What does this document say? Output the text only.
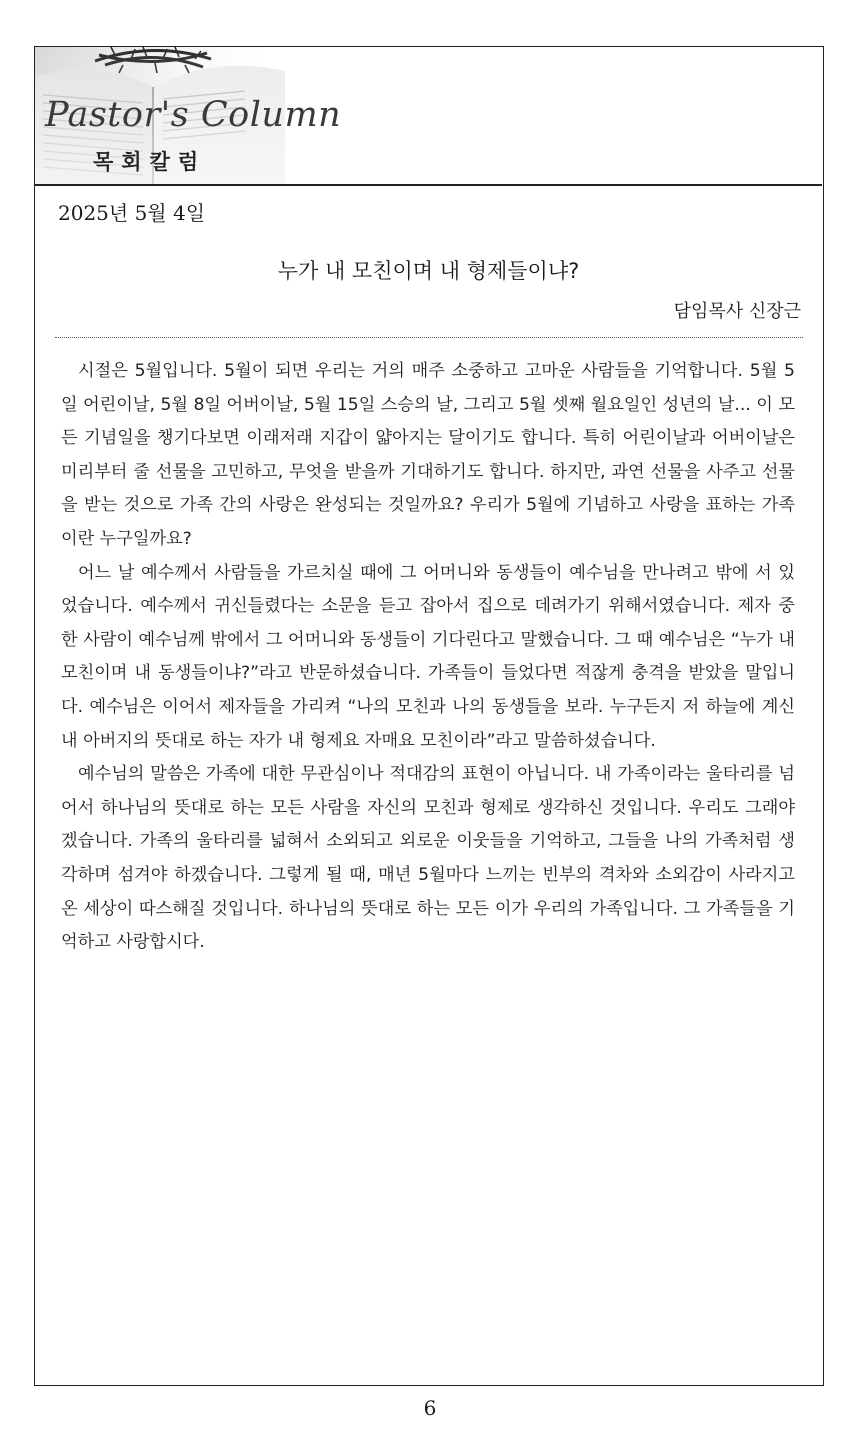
Pastor's Column
목회칼럼
2025년 5월 4일
누가 내 모친이며 내 형제들이냐?
담임목사 신장근

시절은 5월입니다. 5월이 되면 우리는 거의 매주 소중하고 고마운 사람들을 기억합니다. 5월 5일 어린이날, 5월 8일 어버이날, 5월 15일 스승의 날, 그리고 5월 셋째 월요일인 성년의 날... 이 모든 기념일을 챙기다보면 이래저래 지갑이 얇아지는 달이기도 합니다. 특히 어린이날과 어버이날은 미리부터 줄 선물을 고민하고, 무엇을 받을까 기대하기도 합니다. 하지만, 과연 선물을 사주고 선물을 받는 것으로 가족 간의 사랑은 완성되는 것일까요? 우리가 5월에 기념하고 사랑을 표하는 가족이란 누구일까요?

어느 날 예수께서 사람들을 가르치실 때에 그 어머니와 동생들이 예수님을 만나려고 밖에 서 있었습니다. 예수께서 귀신들렸다는 소문을 듣고 잡아서 집으로 데려가기 위해서였습니다. 제자 중 한 사람이 예수님께 밖에서 그 어머니와 동생들이 기다린다고 말했습니다. 그 때 예수님은 “누가 내 모친이며 내 동생들이냐?”라고 반문하셨습니다. 가족들이 들었다면 적잖게 충격을 받았을 말입니다. 예수님은 이어서 제자들을 가리켜 “나의 모친과 나의 동생들을 보라. 누구든지 저 하늘에 계신 내 아버지의 뜻대로 하는 자가 내 형제요 자매요 모친이라”라고 말씀하셨습니다.

예수님의 말씀은 가족에 대한 무관심이나 적대감의 표현이 아닙니다. 내 가족이라는 울타리를 넘어서 하나님의 뜻대로 하는 모든 사람을 자신의 모친과 형제로 생각하신 것입니다. 우리도 그래야겠습니다. 가족의 울타리를 넓혀서 소외되고 외로운 이웃들을 기억하고, 그들을 나의 가족처럼 생각하며 섬겨야 하겠습니다. 그렇게 될 때, 매년 5월마다 느끼는 빈부의 격차와 소외감이 사라지고 온 세상이 따스해질 것입니다. 하나님의 뜻대로 하는 모든 이가 우리의 가족입니다. 그 가족들을 기억하고 사랑합시다.

6
